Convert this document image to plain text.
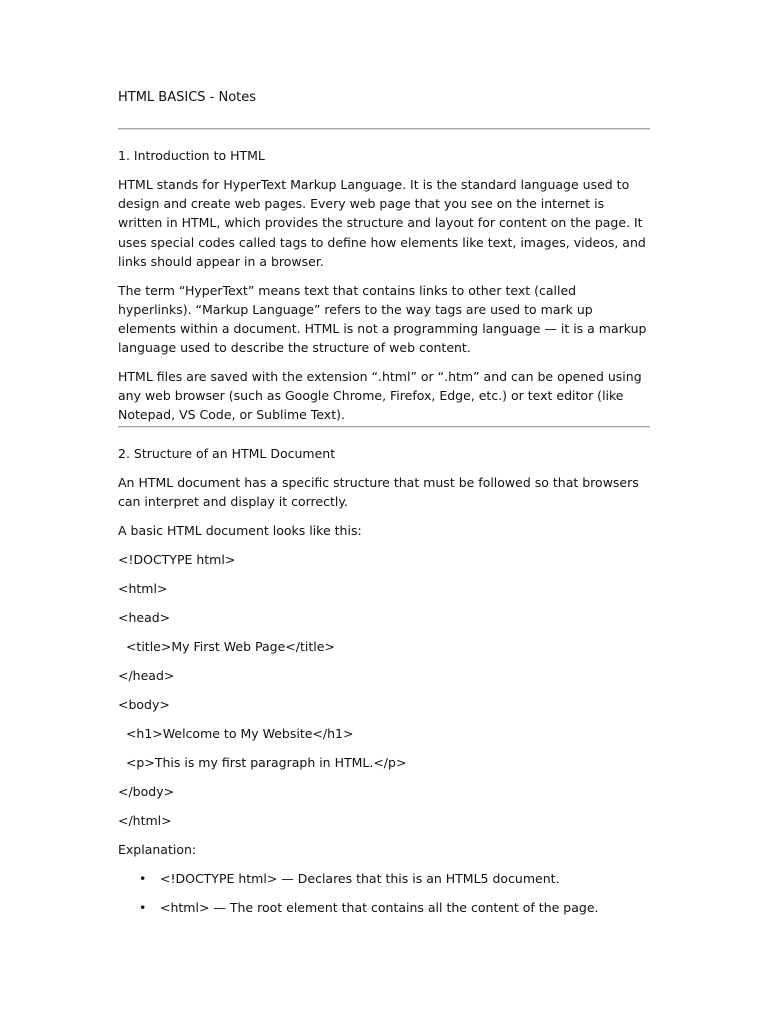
HTML BASICS - Notes
1. Introduction to HTML

HTML stands for HyperText Markup Language. It is the standard language used to design and create web pages. Every web page that you see on the internet is written in HTML, which provides the structure and layout for content on the page. It uses special codes called tags to define how elements like text, images, videos, and links should appear in a browser.

The term “HyperText” means text that contains links to other text (called hyperlinks). “Markup Language” refers to the way tags are used to mark up elements within a document. HTML is not a programming language — it is a markup language used to describe the structure of web content.

HTML files are saved with the extension “.html” or “.htm” and can be opened using any web browser (such as Google Chrome, Firefox, Edge, etc.) or text editor (like Notepad, VS Code, or Sublime Text).

2. Structure of an HTML Document

An HTML document has a specific structure that must be followed so that browsers can interpret and display it correctly.

A basic HTML document looks like this:

<!DOCTYPE html>
<html>
<head>
<title>My First Web Page</title>
</head>
<body>
<h1>Welcome to My Website</h1>
<p>This is my first paragraph in HTML.</p>
</body>
</html>
Explanation:
• <!DOCTYPE html> — Declares that this is an HTML5 document.
• <html> — The root element that contains all the content of the page.
